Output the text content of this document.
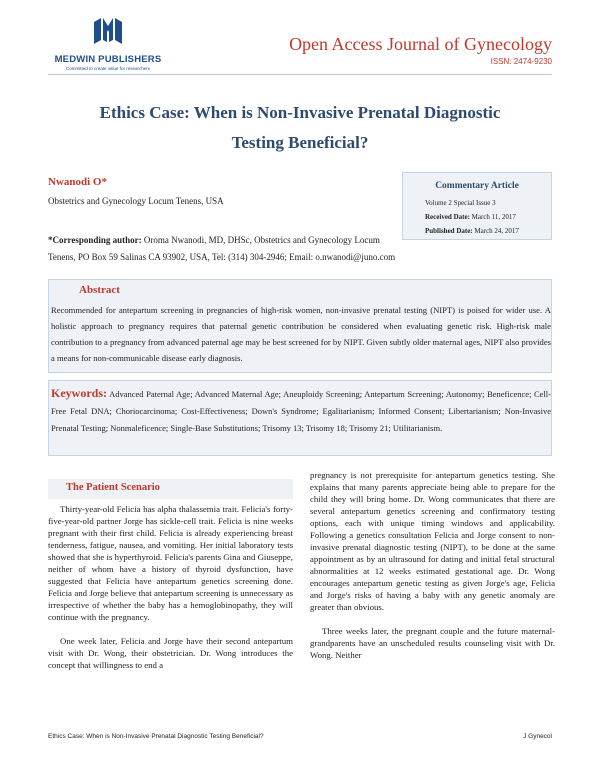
MEDWIN PUBLISHERS
Committed to create value for researchers
Open Access Journal of Gynecology
ISSN: 2474-9230
Ethics Case: When is Non-Invasive Prenatal Diagnostic
Testing Beneficial?
Nwanodi O*
Obstetrics and Gynecology Locum Tenens, USA
*Corresponding author: Oroma Nwanodi, MD, DHSc, Obstetrics and Gynecology Locum Tenens, PO Box 59 Salinas CA 93902, USA, Tel: (314) 304-2946; Email: o.nwanodi@juno.com
Commentary Article
Volume 2 Special Issue 3
Received Date: March 11, 2017
Published Date: March 24, 2017
Abstract
Recommended for antepartum screening in pregnancies of high-risk women, non-invasive prenatal testing (NIPT) is poised for wider use. A holistic approach to pregnancy requires that paternal genetic contribution be considered when evaluating genetic risk. High-risk male contribution to a pregnancy from advanced paternal age may be best screened for by NIPT. Given subtly older maternal ages, NIPT also provides a means for non-communicable disease early diagnosis.
Keywords: Advanced Paternal Age; Advanced Maternal Age; Aneuploidy Screening; Antepartum Screening; Autonomy; Beneficence; Cell-Free Fetal DNA; Choriocarcinoma; Cost-Effectiveness; Down's Syndrome; Egalitarianism; Informed Consent; Libertarianism; Non-Invasive Prenatal Testing; Nonmaleficence; Single-Base Substitutions; Trisomy 13; Trisomy 18; Trisomy 21; Utilitarianism.
The Patient Scenario

Thirty-year-old Felicia has alpha thalassemia trait. Felicia's forty-five-year-old partner Jorge has sickle-cell trait. Felicia is nine weeks pregnant with their first child. Felicia is already experiencing breast tenderness, fatigue, nausea, and vomiting. Her initial laboratory tests showed that she is hyperthyroid. Felicia's parents Gina and Giuseppe, neither of whom have a history of thyroid dysfunction, have suggested that Felicia have antepartum genetics screening done. Felicia and Jorge believe that antepartum screening is unnecessary as irrespective of whether the baby has a hemoglobinopathy, they will continue with the pregnancy.

One week later, Felicia and Jorge have their second antepartum visit with Dr. Wong, their obstetrician. Dr. Wong introduces the concept that willingness to end a

pregnancy is not prerequisite for antepartum genetics testing. She explains that many parents appreciate being able to prepare for the child they will bring home. Dr. Wong communicates that there are several antepartum genetics screening and confirmatory testing options, each with unique timing windows and applicability. Following a genetics consultation Felicia and Jorge consent to non-invasive prenatal diagnostic testing (NIPT), to be done at the same appointment as by an ultrasound for dating and initial fetal structural abnormalities at 12 weeks estimated gestational age. Dr. Wong encourages antepartum genetic testing as given Jorge's age, Felicia and Jorge's risks of having a baby with any genetic anomaly are greater than obvious.

Three weeks later, the pregnant couple and the future maternal-grandparents have an unscheduled results counseling visit with Dr. Wong. Neither

Ethics Case: When is Non-Invasive Prenatal Diagnostic Testing Beneficial?	J Gynecol
